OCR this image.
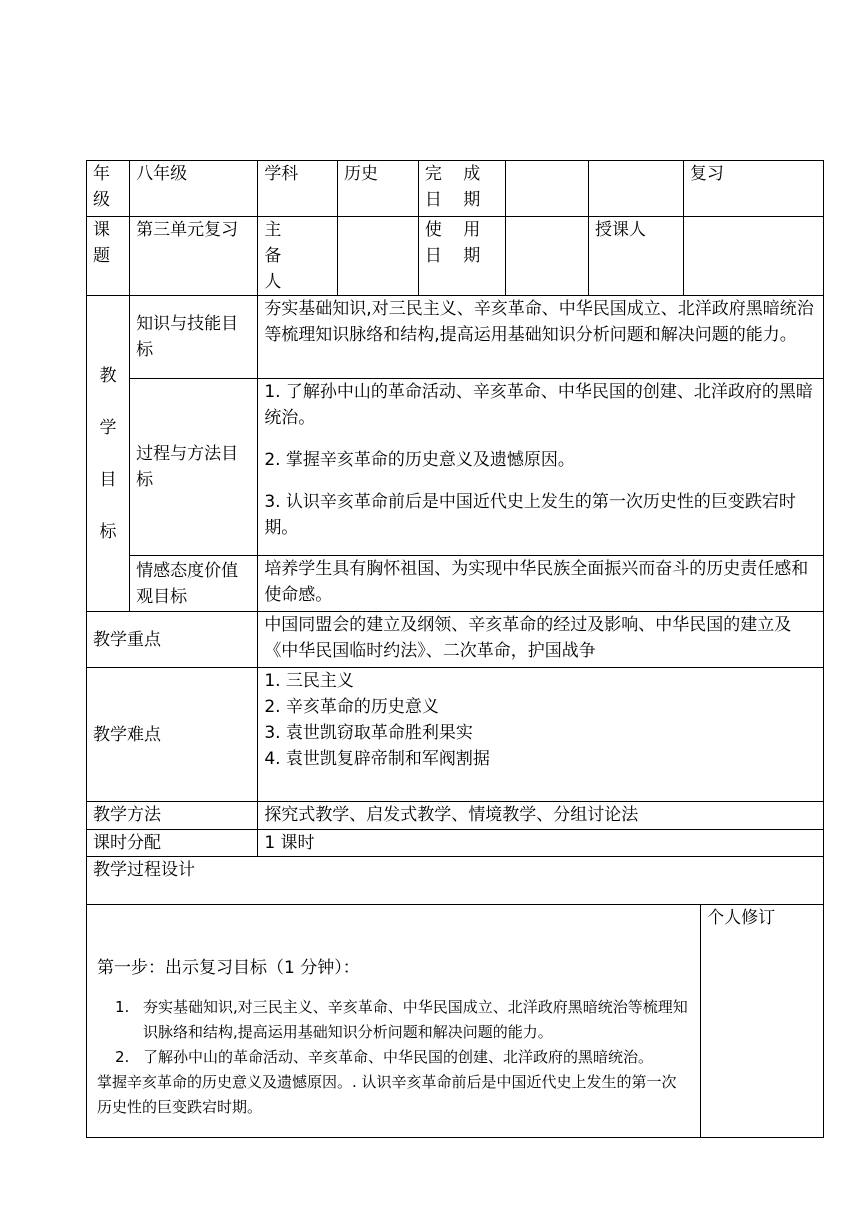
年级	八年级	学科	历史	完 成 日 期			复习	
课题	第三单元复习	主 备 人		使 用 日 期		授课人		
教学目标	知识与技能目标	夯实基础知识,对三民主义、辛亥革命、中华民国成立、北洋政府黑暗统治等梳理知识脉络和结构,提高运用基础知识分析问题和解决问题的能力。						
	过程与方法目标	1. 了解孙中山的革命活动、辛亥革命、中华民国的创建、北洋政府的黑暗统治。
2. 掌握辛亥革命的历史意义及遗憾原因。
3. 认识辛亥革命前后是中国近代史上发生的第一次历史性的巨变跌宕时期。						

	情感态度价值观目标	培养学生具有胸怀祖国、为实现中华民族全面振兴而奋斗的历史责任感和使命感。						
教学重点		中国同盟会的建立及纲领、辛亥革命的经过及影响、中华民国的建立及《中华民国临时约法》、二次革命，护国战争						
教学难点		1. 三民主义
2. 辛亥革命的历史意义
3. 袁世凯窃取革命胜利果实
4. 袁世凯复辟帝制和军阀割据						

教学方法		探究式教学、启发式教学、情境教学、分组讨论法						
课时分配		1 课时						
教学过程设计								

第一步：出示复习目标（1 分钟）：
1. 夯实基础知识,对三民主义、辛亥革命、中华民国成立、北洋政府黑暗统治等梳理知识脉络和结构,提高运用基础知识分析问题和解决问题的能力。
2. 了解孙中山的革命活动、辛亥革命、中华民国的创建、北洋政府的黑暗统治。
掌握辛亥革命的历史意义及遗憾原因。. 认识辛亥革命前后是中国近代史上发生的第一次历史性的巨变跌宕时期。								个人修订
